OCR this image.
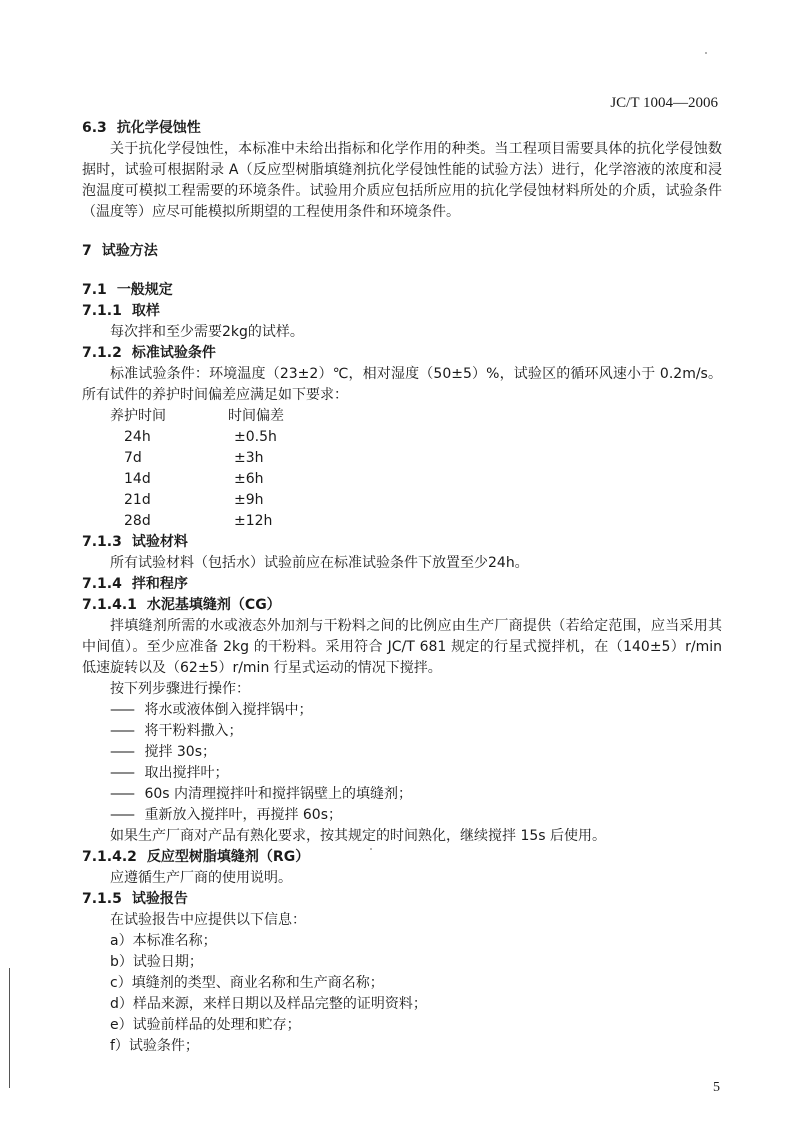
JC/T 1004—2006

6.3 抗化学侵蚀性

关于抗化学侵蚀性，本标准中未给出指标和化学作用的种类。当工程项目需要具体的抗化学侵蚀数据时，试验可根据附录 A（反应型树脂填缝剂抗化学侵蚀性能的试验方法）进行，化学溶液的浓度和浸泡温度可模拟工程需要的环境条件。试验用介质应包括所应用的抗化学侵蚀材料所处的介质，试验条件（温度等）应尽可能模拟所期望的工程使用条件和环境条件。

7 试验方法

7.1 一般规定

7.1.1 取样

每次拌和至少需要2kg的试样。

7.1.2 标准试验条件

标准试验条件：环境温度（23±2）℃，相对湿度（50±5）%，试验区的循环风速小于 0.2m/s。所有试件的养护时间偏差应满足如下要求：

养护时间	时间偏差
24h	±0.5h
7d	±3h
14d	±6h
21d	±9h
28d	±12h

7.1.3 试验材料

所有试验材料（包括水）试验前应在标准试验条件下放置至少24h。

7.1.4 拌和程序

7.1.4.1 水泥基填缝剂（CG）

拌填缝剂所需的水或液态外加剂与干粉料之间的比例应由生产厂商提供（若给定范围，应当采用其中间值）。至少应准备 2kg 的干粉料。采用符合 JC/T 681 规定的行星式搅拌机，在（140±5）r/min 低速旋转以及（62±5）r/min 行星式运动的情况下搅拌。

按下列步骤进行操作：

—— 将水或液体倒入搅拌锅中；

—— 将干粉料撒入；

—— 搅拌 30s；

—— 取出搅拌叶；

—— 60s 内清理搅拌叶和搅拌锅壁上的填缝剂；

—— 重新放入搅拌叶，再搅拌 60s；

如果生产厂商对产品有熟化要求，按其规定的时间熟化，继续搅拌 15s 后使用。

7.1.4.2 反应型树脂填缝剂（RG）

应遵循生产厂商的使用说明。

7.1.5 试验报告

在试验报告中应提供以下信息：

a）本标准名称；

b）试验日期；

c）填缝剂的类型、商业名称和生产商名称；

d）样品来源，来样日期以及样品完整的证明资料；

e）试验前样品的处理和贮存；

f）试验条件；

5
